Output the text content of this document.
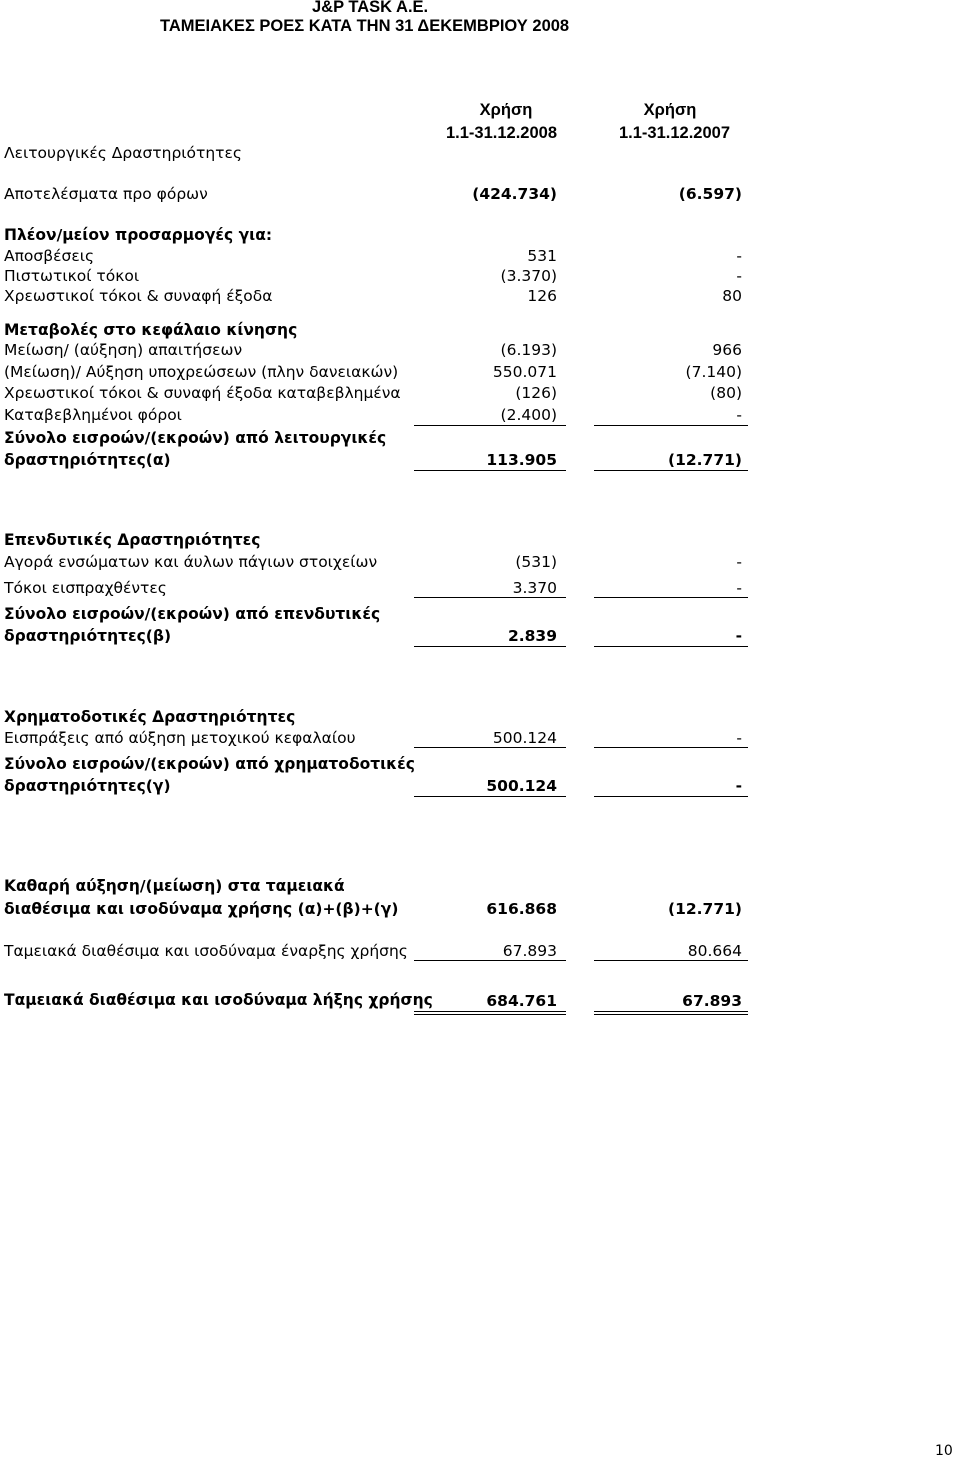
J&P TASK A.E.
ΤΑΜΕΙΑΚΕΣ ΡΟΕΣ ΚΑΤΑ ΤΗΝ 31 ΔΕΚΕΜΒΡΙΟΥ 2008
Χρήση
1.1-31.12.2008
Χρήση
1.1-31.12.2007
Λειτουργικές Δραστηριότητες
Αποτελέσματα προ φόρων	(424.734)	(6.597)
Πλέον/μείον προσαρμογές για:
Αποσβέσεις	531	-
Πιστωτικοί τόκοι	(3.370)	-
Χρεωστικοί τόκοι & συναφή έξοδα	126	80
Μεταβολές στο κεφάλαιο κίνησης
Μείωση/ (αύξηση) απαιτήσεων	(6.193)	966
(Μείωση)/ Αύξηση υποχρεώσεων (πλην δανειακών)	550.071	(7.140)
Χρεωστικοί τόκοι & συναφή έξοδα καταβεβλημένα	(126)	(80)
Καταβεβλημένοι φόροι	(2.400)	-
Σύνολο εισροών/(εκροών) από λειτουργικές
δραστηριότητες(α)	113.905	(12.771)
Επενδυτικές Δραστηριότητες
Αγορά ενσώματων και άυλων πάγιων στοιχείων	(531)	-
Τόκοι εισπραχθέντες	3.370	-
Σύνολο εισροών/(εκροών) από επενδυτικές
δραστηριότητες(β)	2.839	-
Χρηματοδοτικές Δραστηριότητες
Εισπράξεις από αύξηση μετοχικού κεφαλαίου	500.124	-
Σύνολο εισροών/(εκροών) από χρηματοδοτικές
δραστηριότητες(γ)	500.124	-
Καθαρή αύξηση/(μείωση) στα ταμειακά
διαθέσιμα και ισοδύναμα χρήσης (α)+(β)+(γ)	616.868	(12.771)
Ταμειακά διαθέσιμα και ισοδύναμα έναρξης χρήσης	67.893	80.664
Ταμειακά διαθέσιμα και ισοδύναμα λήξης χρήσης	684.761	67.893
10
